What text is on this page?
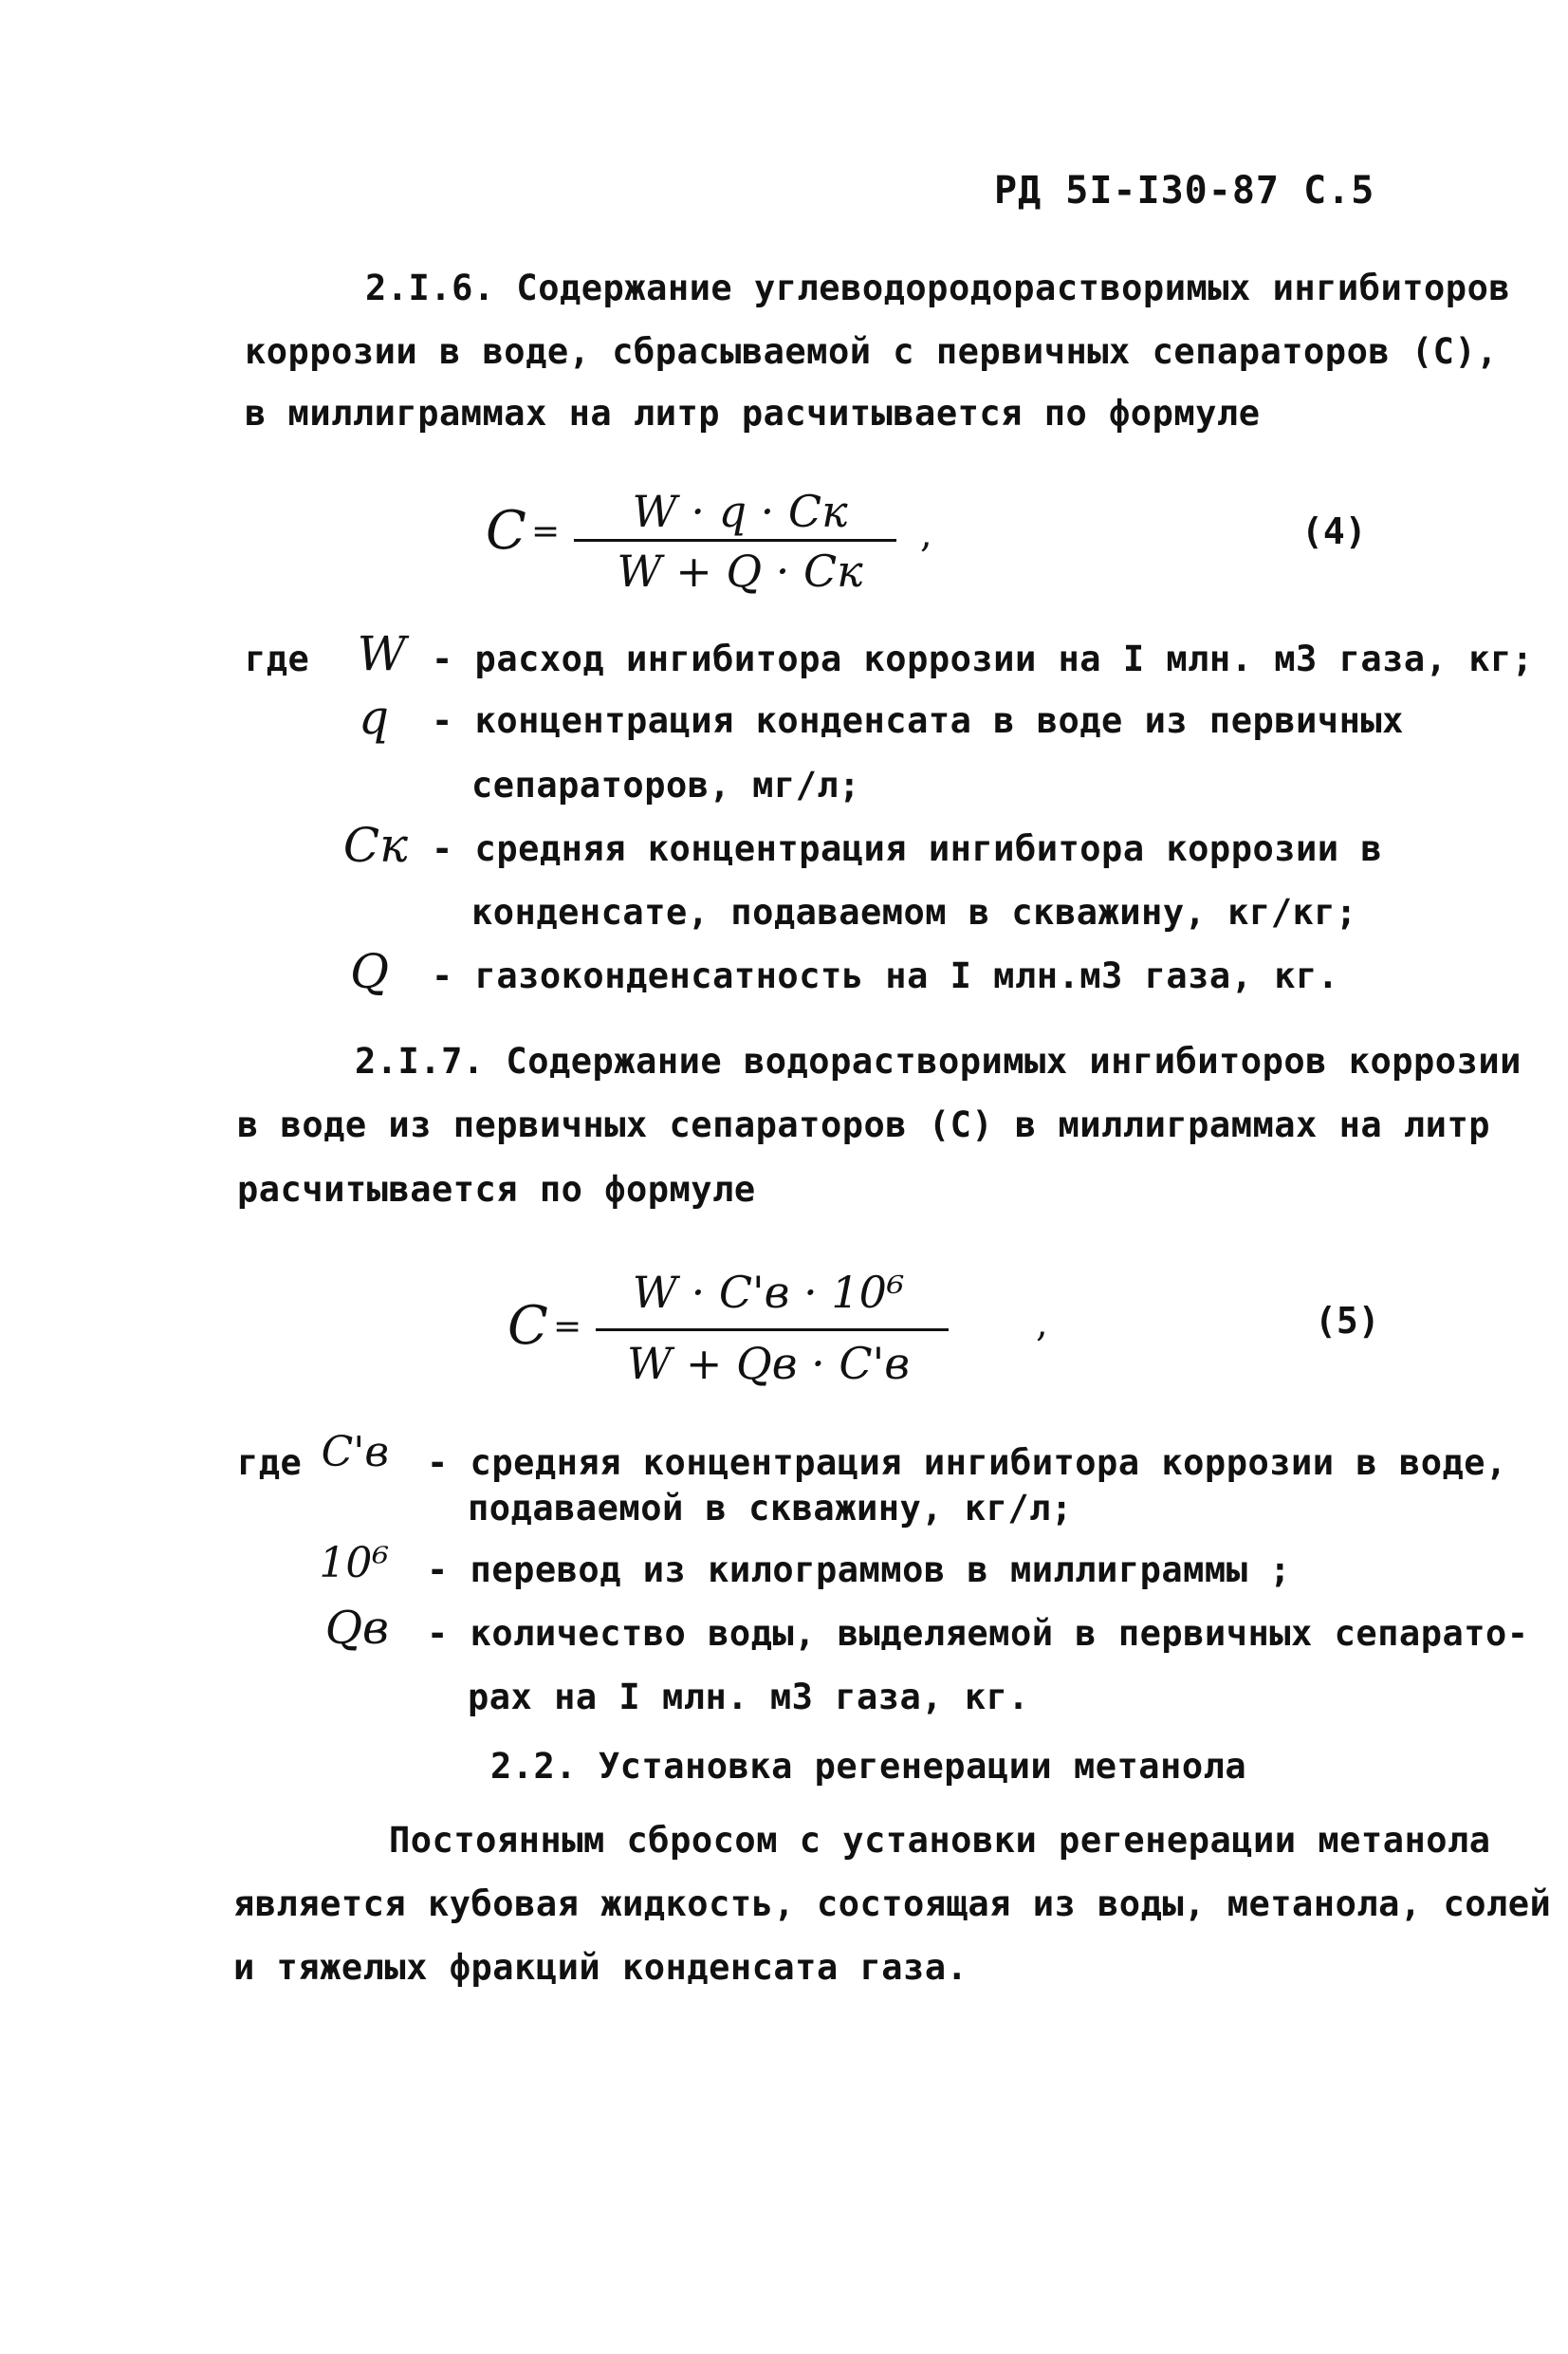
РД 5I-I30-87 С.5
2.I.6. Содержание углеводородорастворимых ингибиторов
коррозии в воде, сбрасываемой с первичных сепараторов (С),
в миллиграммах на литр расчитывается по формуле
С =	W · q · Cк
W + Q · Cк
,	(4)
где	W - расход ингибитора коррозии на I млн. м3 газа, кг;
q - концентрация конденсата в воде из первичных
сепараторов, мг/л;
Cк - средняя концентрация ингибитора коррозии в
конденсате, подаваемом в скважину, кг/кг;
Q - газоконденсатность на I млн.м3 газа, кг.
2.I.7. Содержание водорастворимых ингибиторов коррозии
в воде из первичных сепараторов (С) в миллиграммах на литр
расчитывается по формуле
С =
W · C'в · 10⁶
W + Qв · C'в
,	(5)
где C'в - средняя концентрация ингибитора коррозии в воде,
подаваемой в скважину, кг/л;
10⁶ - перевод из килограммов в миллиграммы ;
Qв - количество воды, выделяемой в первичных сепарато-
рах на I млн. м3 газа, кг.
2.2. Установка регенерации метанола
Постоянным сбросом с установки регенерации метанола
является кубовая жидкость, состоящая из воды, метанола, солей
и тяжелых фракций конденсата газа.
